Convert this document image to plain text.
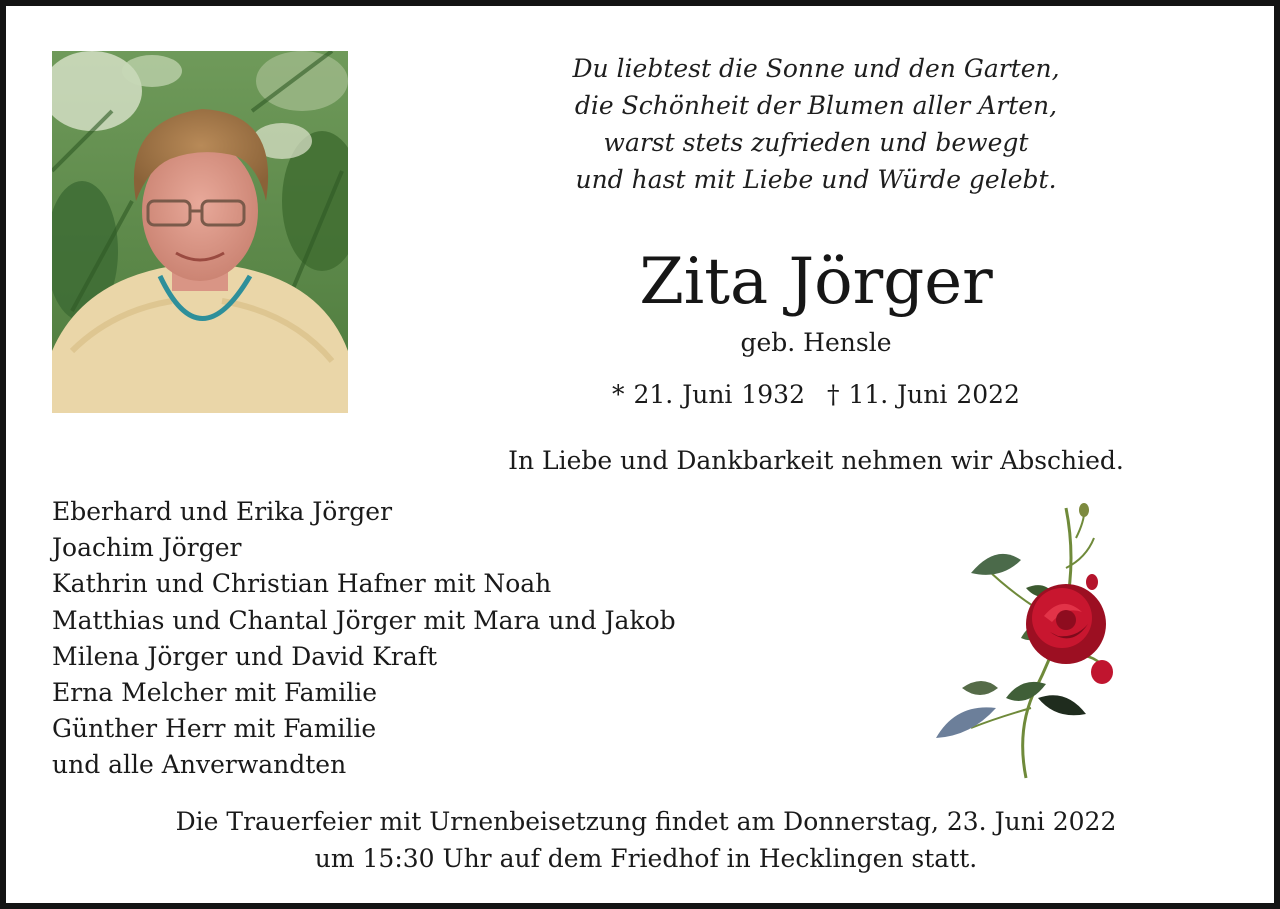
Du liebtest die Sonne und den Garten,
die Schönheit der Blumen aller Arten,
warst stets zufrieden und bewegt
und hast mit Liebe und Würde gelebt.
Zita Jörger
geb. Hensle
* 21. Juni 1932 † 11. Juni 2022
In Liebe und Dankbarkeit nehmen wir Abschied.
Eberhard und Erika Jörger
Joachim Jörger
Kathrin und Christian Hafner mit Noah
Matthias und Chantal Jörger mit Mara und Jakob
Milena Jörger und David Kraft
Erna Melcher mit Familie
Günther Herr mit Familie
und alle Anverwandten
Die Trauerfeier mit Urnenbeisetzung findet am Donnerstag, 23. Juni 2022
um 15:30 Uhr auf dem Friedhof in Hecklingen statt.
